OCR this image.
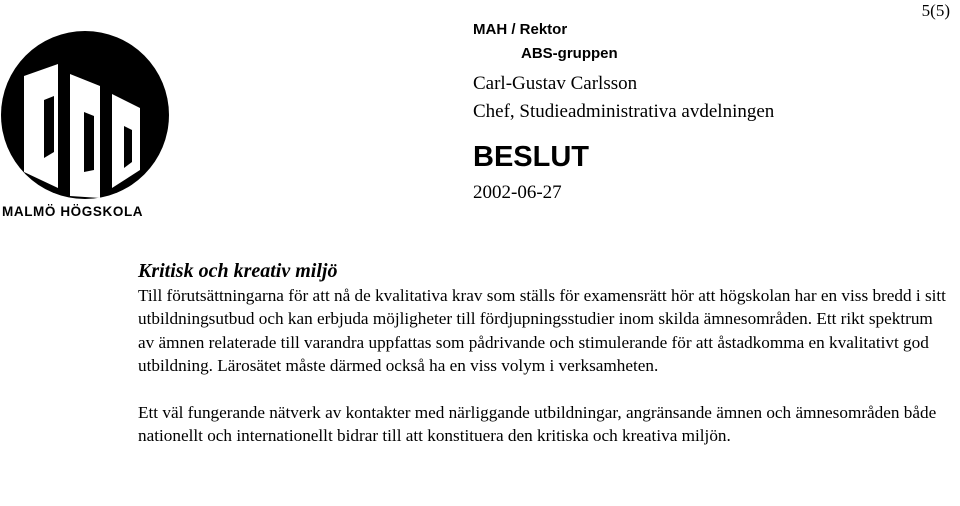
MALMÖ HÖGSKOLA
5(5)
MAH / Rektor
ABS-gruppen
Carl-Gustav Carlsson
Chef, Studieadministrativa avdelningen
BESLUT
2002-06-27
Kritisk och kreativ miljö
Till förutsättningarna för att nå de kvalitativa krav som ställs för examensrätt hör att högskolan har en viss bredd i sitt utbildningsutbud och kan erbjuda möjligheter till fördjupningsstudier inom skilda ämnesområden. Ett rikt spektrum av ämnen relaterade till varandra uppfattas som pådrivande och stimulerande för att åstadkomma en kvalitativt god utbildning. Lärosätet måste därmed också ha en viss volym i verksamheten.
Ett väl fungerande nätverk av kontakter med närliggande utbildningar, angränsande ämnen och ämnesområden både nationellt och internationellt bidrar till att konstituera den kritiska och kreativa miljön.
